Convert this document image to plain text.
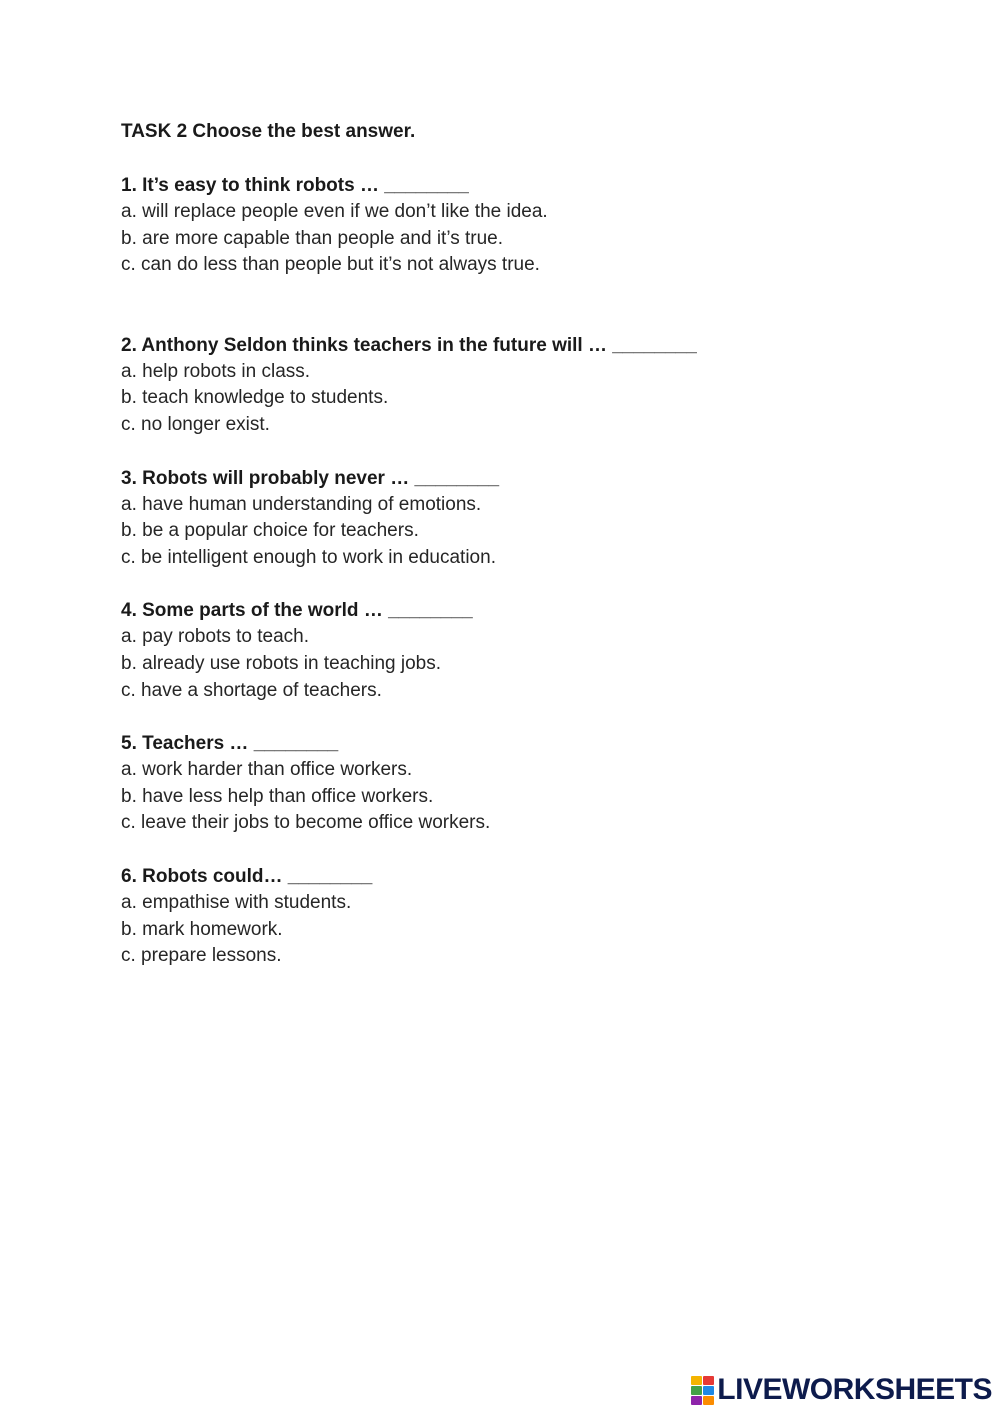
TASK 2 Choose the best answer.
1. It’s easy to think robots … ________
a. will replace people even if we don’t like the idea.
b. are more capable than people and it’s true.
c. can do less than people but it’s not always true.
2. Anthony Seldon thinks teachers in the future will … ________
a. help robots in class.
b. teach knowledge to students.
c. no longer exist.
3. Robots will probably never … ________
a. have human understanding of emotions.
b. be a popular choice for teachers.
c. be intelligent enough to work in education.
4. Some parts of the world … ________
a. pay robots to teach.
b. already use robots in teaching jobs.
c. have a shortage of teachers.
5. Teachers … ________
a. work harder than office workers.
b. have less help than office workers.
c. leave their jobs to become office workers.
6. Robots could… ________
a. empathise with students.
b. mark homework.
c. prepare lessons.
LIVEWORKSHEETS
